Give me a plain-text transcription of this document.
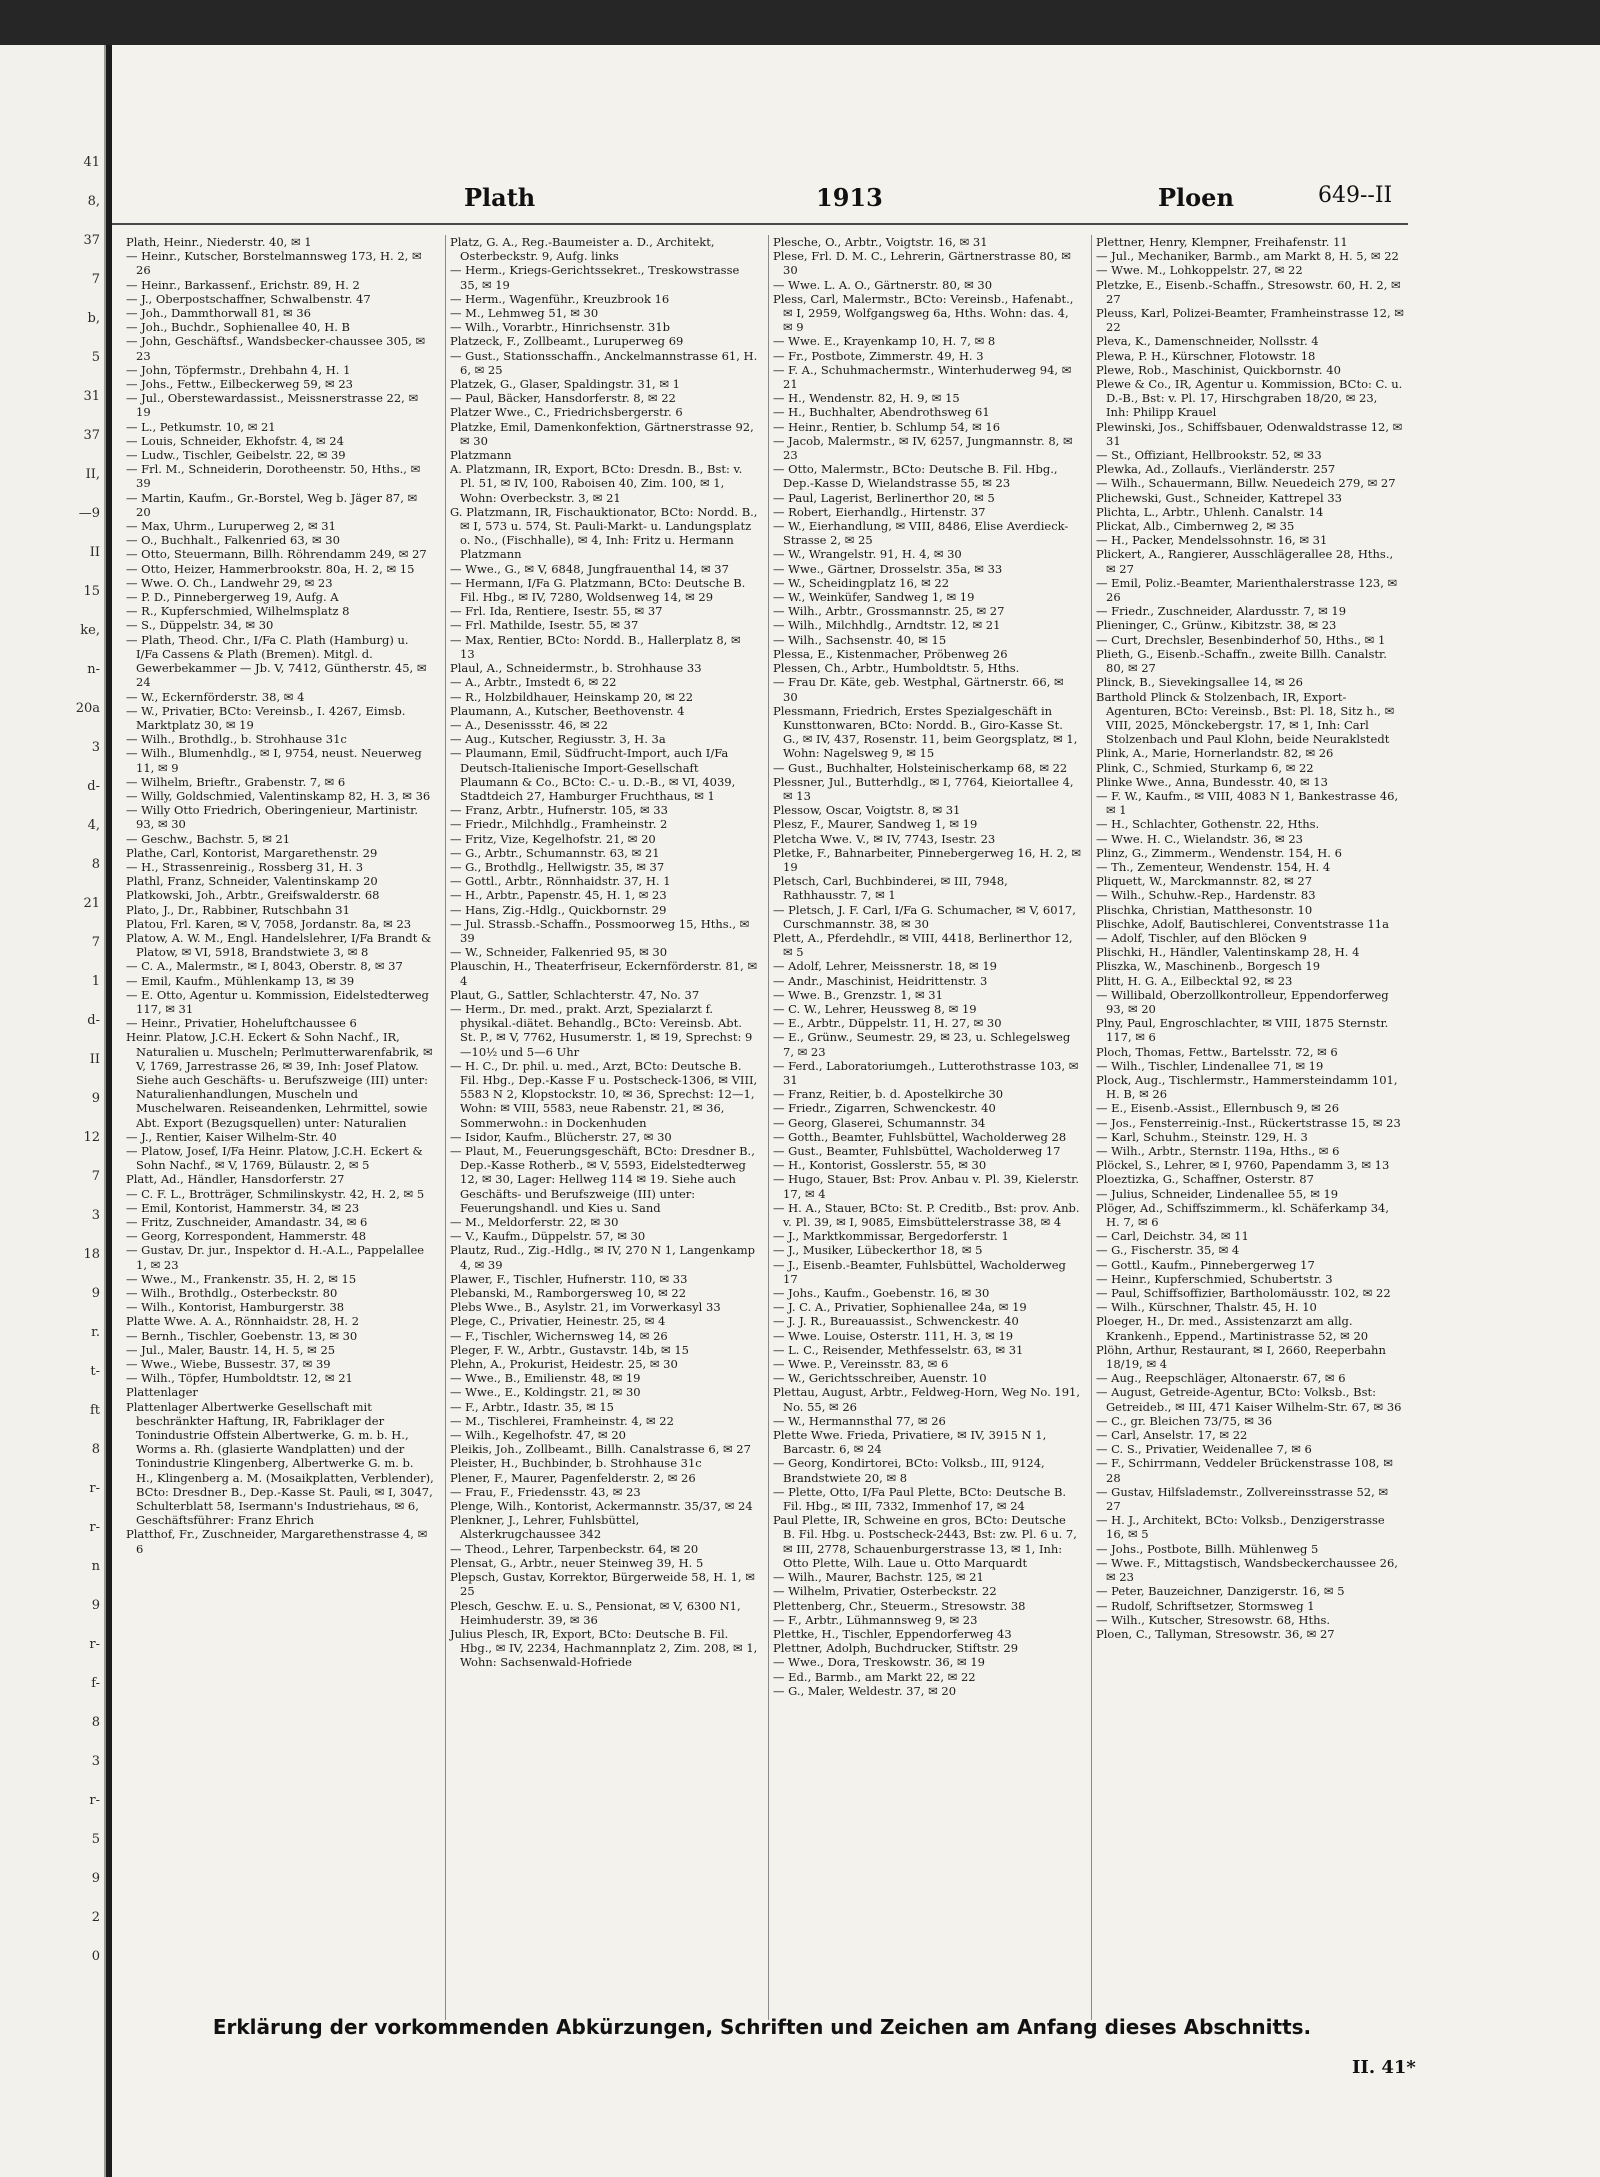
41
8,
37
7
b,
5
31
37
II,
—9
II
15
ke,
n-
20a
3
d-
4,
8
21
7
1
d-
II
9
12
7
3
18
9
r.
t-
ft
8
r-
r-
n
9
r-
f-
8
3
r-
5
9
2
0
Plath	1913	Ploen	649--II

Plath, Heinr., Niederstr. 40, ✉ 1

— Heinr., Kutscher, Borstelmannsweg 173, H. 2, ✉ 26

— Heinr., Barkassenf., Erichstr. 89, H. 2

— J., Oberpostschaffner, Schwalbenstr. 47

— Joh., Dammthorwall 81, ✉ 36

— Joh., Buchdr., Sophienallee 40, H. B

— John, Geschäftsf., Wandsbecker-chaussee 305, ✉ 23

— John, Töpfermstr., Drehbahn 4, H. 1

— Johs., Fettw., Eilbeckerweg 59, ✉ 23

— Jul., Oberstewardassist., Meissnerstrasse 22, ✉ 19

— L., Petkumstr. 10, ✉ 21

— Louis, Schneider, Ekhofstr. 4, ✉ 24

— Ludw., Tischler, Geibelstr. 22, ✉ 39

— Frl. M., Schneiderin, Dorotheenstr. 50, Hths., ✉ 39

— Martin, Kaufm., Gr.-Borstel, Weg b. Jäger 87, ✉ 20

— Max, Uhrm., Luruperweg 2, ✉ 31

— O., Buchhalt., Falkenried 63, ✉ 30

— Otto, Steuermann, Billh. Röhrendamm 249, ✉ 27

— Otto, Heizer, Hammerbrookstr. 80a, H. 2, ✉ 15

— Wwe. O. Ch., Landwehr 29, ✉ 23

— P. D., Pinnebergerweg 19, Aufg. A

— R., Kupferschmied, Wilhelmsplatz 8

— S., Düppelstr. 34, ✉ 30

— Plath, Theod. Chr., I/Fa C. Plath (Hamburg) u. I/Fa Cassens & Plath (Bremen). Mitgl. d. Gewerbekammer — Jb. V, 7412, Güntherstr. 45, ✉ 24

— W., Eckernförderstr. 38, ✉ 4

— W., Privatier, BCto: Vereinsb., I. 4267, Eimsb. Marktplatz 30, ✉ 19

— Wilh., Brothdlg., b. Strohhause 31c

— Wilh., Blumenhdlg., ✉ I, 9754, neust. Neuerweg 11, ✉ 9

— Wilhelm, Brieftr., Grabenstr. 7, ✉ 6

— Willy, Goldschmied, Valentinskamp 82, H. 3, ✉ 36

— Willy Otto Friedrich, Oberingenieur, Martinistr. 93, ✉ 30

— Geschw., Bachstr. 5, ✉ 21

Plathe, Carl, Kontorist, Margarethenstr. 29

— H., Strassenreinig., Rossberg 31, H. 3

Plathl, Franz, Schneider, Valentinskamp 20

Platkowski, Joh., Arbtr., Greifswalderstr. 68

Plato, J., Dr., Rabbiner, Rutschbahn 31

Platou, Frl. Karen, ✉ V, 7058, Jordanstr. 8a, ✉ 23

Platow, A. W. M., Engl. Handelslehrer, I/Fa Brandt & Platow, ✉ VI, 5918, Brandstwiete 3, ✉ 8

— C. A., Malermstr., ✉ I, 8043, Oberstr. 8, ✉ 37

— Emil, Kaufm., Mühlenkamp 13, ✉ 39

— E. Otto, Agentur u. Kommission, Eidelstedterweg 117, ✉ 31

— Heinr., Privatier, Hoheluftchaussee 6

Heinr. Platow, J.C.H. Eckert & Sohn Nachf., IR, Naturalien u. Muscheln; Perlmutterwarenfabrik, ✉ V, 1769, Jarrestrasse 26, ✉ 39, Inh: Josef Platow. Siehe auch Geschäfts- u. Berufszweige (III) unter: Naturalienhandlungen, Muscheln und Muschelwaren. Reiseandenken, Lehrmittel, sowie Abt. Export (Bezugsquellen) unter: Naturalien

— J., Rentier, Kaiser Wilhelm-Str. 40

— Platow, Josef, I/Fa Heinr. Platow, J.C.H. Eckert & Sohn Nachf., ✉ V, 1769, Bülaustr. 2, ✉ 5

Platt, Ad., Händler, Hansdorferstr. 27

— C. F. L., Brotträger, Schmilinskystr. 42, H. 2, ✉ 5

— Emil, Kontorist, Hammerstr. 34, ✉ 23

— Fritz, Zuschneider, Amandastr. 34, ✉ 6

— Georg, Korrespondent, Hammerstr. 48

— Gustav, Dr. jur., Inspektor d. H.-A.L., Pappelallee 1, ✉ 23

— Wwe., M., Frankenstr. 35, H. 2, ✉ 15

— Wilh., Brothdlg., Osterbeckstr. 80

— Wilh., Kontorist, Hamburgerstr. 38

Platte Wwe. A. A., Rönnhaidstr. 28, H. 2

— Bernh., Tischler, Goebenstr. 13, ✉ 30

— Jul., Maler, Baustr. 14, H. 5, ✉ 25

— Wwe., Wiebe, Bussestr. 37, ✉ 39

— Wilh., Töpfer, Humboldtstr. 12, ✉ 21

Plattenlager

Plattenlager Albertwerke Gesellschaft mit beschränkter Haftung, IR, Fabriklager der Tonindustrie Offstein Albertwerke, G. m. b. H., Worms a. Rh. (glasierte Wandplatten) und der Tonindustrie Klingenberg, Albertwerke G. m. b. H., Klingenberg a. M. (Mosaikplatten, Verblender), BCto: Dresdner B., Dep.-Kasse St. Pauli, ✉ I, 3047, Schulterblatt 58, Isermann's Industriehaus, ✉ 6, Geschäftsführer: Franz Ehrich

Platthof, Fr., Zuschneider, Margarethenstrasse 4, ✉ 6

Platz, G. A., Reg.-Baumeister a. D., Architekt, Osterbeckstr. 9, Aufg. links

— Herm., Kriegs-Gerichtssekret., Treskowstrasse 35, ✉ 19

— Herm., Wagenführ., Kreuzbrook 16

— M., Lehmweg 51, ✉ 30

— Wilh., Vorarbtr., Hinrichsenstr. 31b

Platzeck, F., Zollbeamt., Luruperweg 69

— Gust., Stationsschaffn., Anckelmannstrasse 61, H. 6, ✉ 25

Platzek, G., Glaser, Spaldingstr. 31, ✉ 1

— Paul, Bäcker, Hansdorferstr. 8, ✉ 22

Platzer Wwe., C., Friedrichsbergerstr. 6

Platzke, Emil, Damenkonfektion, Gärtnerstrasse 92, ✉ 30

Platzmann

A. Platzmann, IR, Export, BCto: Dresdn. B., Bst: v. Pl. 51, ✉ IV, 100, Raboisen 40, Zim. 100, ✉ 1, Wohn: Overbeckstr. 3, ✉ 21

G. Platzmann, IR, Fischauktionator, BCto: Nordd. B., ✉ I, 573 u. 574, St. Pauli-Markt- u. Landungsplatz o. No., (Fischhalle), ✉ 4, Inh: Fritz u. Hermann Platzmann

— Wwe., G., ✉ V, 6848, Jungfrauenthal 14, ✉ 37

— Hermann, I/Fa G. Platzmann, BCto: Deutsche B. Fil. Hbg., ✉ IV, 7280, Woldsenweg 14, ✉ 29

— Frl. Ida, Rentiere, Isestr. 55, ✉ 37

— Frl. Mathilde, Isestr. 55, ✉ 37

— Max, Rentier, BCto: Nordd. B., Hallerplatz 8, ✉ 13

Plaul, A., Schneidermstr., b. Strohhause 33

— A., Arbtr., Imstedt 6, ✉ 22

— R., Holzbildhauer, Heinskamp 20, ✉ 22

Plaumann, A., Kutscher, Beethovenstr. 4

— A., Desenissstr. 46, ✉ 22

— Aug., Kutscher, Regiusstr. 3, H. 3a

— Plaumann, Emil, Südfrucht-Import, auch I/Fa Deutsch-Italienische Import-Gesellschaft Plaumann & Co., BCto: C.- u. D.-B., ✉ VI, 4039, Stadtdeich 27, Hamburger Fruchthaus, ✉ 1

— Franz, Arbtr., Hufnerstr. 105, ✉ 33

— Friedr., Milchhdlg., Framheinstr. 2

— Fritz, Vize, Kegelhofstr. 21, ✉ 20

— G., Arbtr., Schumannstr. 63, ✉ 21

— G., Brothdlg., Hellwigstr. 35, ✉ 37

— Gottl., Arbtr., Rönnhaidstr. 37, H. 1

— H., Arbtr., Papenstr. 45, H. 1, ✉ 23

— Hans, Zig.-Hdlg., Quickbornstr. 29

— Jul. Strassb.-Schaffn., Possmoorweg 15, Hths., ✉ 39

— W., Schneider, Falkenried 95, ✉ 30

Plauschin, H., Theaterfriseur, Eckernförderstr. 81, ✉ 4

Plaut, G., Sattler, Schlachterstr. 47, No. 37

— Herm., Dr. med., prakt. Arzt, Spezialarzt f. physikal.-diätet. Behandlg., BCto: Vereinsb. Abt. St. P., ✉ V, 7762, Husumerstr. 1, ✉ 19, Sprechst: 9—10½ und 5—6 Uhr

— H. C., Dr. phil. u. med., Arzt, BCto: Deutsche B. Fil. Hbg., Dep.-Kasse F u. Postscheck-1306, ✉ VIII, 5583 N 2, Klopstockstr. 10, ✉ 36, Sprechst: 12—1, Wohn: ✉ VIII, 5583, neue Rabenstr. 21, ✉ 36, Sommerwohn.: in Dockenhuden

— Isidor, Kaufm., Blücherstr. 27, ✉ 30

— Plaut, M., Feuerungsgeschäft, BCto: Dresdner B., Dep.-Kasse Rotherb., ✉ V, 5593, Eidelstedterweg 12, ✉ 30, Lager: Hellweg 114 ✉ 19. Siehe auch Geschäfts- und Berufszweige (III) unter: Feuerungshandl. und Kies u. Sand

— M., Meldorferstr. 22, ✉ 30

— V., Kaufm., Düppelstr. 57, ✉ 30

Plautz, Rud., Zig.-Hdlg., ✉ IV, 270 N 1, Langenkamp 4, ✉ 39

Plawer, F., Tischler, Hufnerstr. 110, ✉ 33

Plebanski, M., Ramborgersweg 10, ✉ 22

Plebs Wwe., B., Asylstr. 21, im Vorwerkasyl 33

Plege, C., Privatier, Heinestr. 25, ✉ 4

— F., Tischler, Wichernsweg 14, ✉ 26

Pleger, F. W., Arbtr., Gustavstr. 14b, ✉ 15

Plehn, A., Prokurist, Heidestr. 25, ✉ 30

— Wwe., B., Emilienstr. 48, ✉ 19

— Wwe., E., Koldingstr. 21, ✉ 30

— F., Arbtr., Idastr. 35, ✉ 15

— M., Tischlerei, Framheinstr. 4, ✉ 22

— Wilh., Kegelhofstr. 47, ✉ 20

Pleikis, Joh., Zollbeamt., Billh. Canalstrasse 6, ✉ 27

Pleister, H., Buchbinder, b. Strohhause 31c

Plener, F., Maurer, Pagenfelderstr. 2, ✉ 26

— Frau, F., Friedensstr. 43, ✉ 23

Plenge, Wilh., Kontorist, Ackermannstr. 35/37, ✉ 24

Plenkner, J., Lehrer, Fuhlsbüttel, Alsterkrugchaussee 342

— Theod., Lehrer, Tarpenbeckstr. 64, ✉ 20

Plensat, G., Arbtr., neuer Steinweg 39, H. 5

Plepsch, Gustav, Korrektor, Bürgerweide 58, H. 1, ✉ 25

Plesch, Geschw. E. u. S., Pensionat, ✉ V, 6300 N1, Heimhuderstr. 39, ✉ 36

Julius Plesch, IR, Export, BCto: Deutsche B. Fil. Hbg., ✉ IV, 2234, Hachmannplatz 2, Zim. 208, ✉ 1, Wohn: Sachsenwald-Hofriede

Plesche, O., Arbtr., Voigtstr. 16, ✉ 31

Plese, Frl. D. M. C., Lehrerin, Gärtnerstrasse 80, ✉ 30

— Wwe. L. A. O., Gärtnerstr. 80, ✉ 30

Pless, Carl, Malermstr., BCto: Vereinsb., Hafenabt., ✉ I, 2959, Wolfgangsweg 6a, Hths. Wohn: das. 4, ✉ 9

— Wwe. E., Krayenkamp 10, H. 7, ✉ 8

— Fr., Postbote, Zimmerstr. 49, H. 3

— F. A., Schuhmachermstr., Winterhuderweg 94, ✉ 21

— H., Wendenstr. 82, H. 9, ✉ 15

— H., Buchhalter, Abendrothsweg 61

— Heinr., Rentier, b. Schlump 54, ✉ 16

— Jacob, Malermstr., ✉ IV, 6257, Jungmannstr. 8, ✉ 23

— Otto, Malermstr., BCto: Deutsche B. Fil. Hbg., Dep.-Kasse D, Wielandstrasse 55, ✉ 23

— Paul, Lagerist, Berlinerthor 20, ✉ 5

— Robert, Eierhandlg., Hirtenstr. 37

— W., Eierhandlung, ✉ VIII, 8486, Elise Averdieck-Strasse 2, ✉ 25

— W., Wrangelstr. 91, H. 4, ✉ 30

— Wwe., Gärtner, Drosselstr. 35a, ✉ 33

— W., Scheidingplatz 16, ✉ 22

— W., Weinküfer, Sandweg 1, ✉ 19

— Wilh., Arbtr., Grossmannstr. 25, ✉ 27

— Wilh., Milchhdlg., Arndtstr. 12, ✉ 21

— Wilh., Sachsenstr. 40, ✉ 15

Plessa, E., Kistenmacher, Pröbenweg 26

Plessen, Ch., Arbtr., Humboldtstr. 5, Hths.

— Frau Dr. Käte, geb. Westphal, Gärtnerstr. 66, ✉ 30

Plessmann, Friedrich, Erstes Spezialgeschäft in Kunsttonwaren, BCto: Nordd. B., Giro-Kasse St. G., ✉ IV, 437, Rosenstr. 11, beim Georgsplatz, ✉ 1, Wohn: Nagelsweg 9, ✉ 15

— Gust., Buchhalter, Holsteinischerkamp 68, ✉ 22

Plessner, Jul., Butterhdlg., ✉ I, 7764, Kieiortallee 4, ✉ 13

Plessow, Oscar, Voigtstr. 8, ✉ 31

Plesz, F., Maurer, Sandweg 1, ✉ 19

Pletcha Wwe. V., ✉ IV, 7743, Isestr. 23

Pletke, F., Bahnarbeiter, Pinnebergerweg 16, H. 2, ✉ 19

Pletsch, Carl, Buchbinderei, ✉ III, 7948, Rathhausstr. 7, ✉ 1

— Pletsch, J. F. Carl, I/Fa G. Schumacher, ✉ V, 6017, Curschmannstr. 38, ✉ 30

Plett, A., Pferdehdlr., ✉ VIII, 4418, Berlinerthor 12, ✉ 5

— Adolf, Lehrer, Meissnerstr. 18, ✉ 19

— Andr., Maschinist, Heidrittenstr. 3

— Wwe. B., Grenzstr. 1, ✉ 31

— C. W., Lehrer, Heussweg 8, ✉ 19

— E., Arbtr., Düppelstr. 11, H. 27, ✉ 30

— E., Grünw., Seumestr. 29, ✉ 23, u. Schlegelsweg 7, ✉ 23

— Ferd., Laboratoriumgeh., Lutterothstrasse 103, ✉ 31

— Franz, Reitier, b. d. Apostelkirche 30

— Friedr., Zigarren, Schwenckestr. 40

— Georg, Glaserei, Schumannstr. 34

— Gotth., Beamter, Fuhlsbüttel, Wacholderweg 28

— Gust., Beamter, Fuhlsbüttel, Wacholderweg 17

— H., Kontorist, Gosslerstr. 55, ✉ 30

— Hugo, Stauer, Bst: Prov. Anbau v. Pl. 39, Kielerstr. 17, ✉ 4

— H. A., Stauer, BCto: St. P. Creditb., Bst: prov. Anb. v. Pl. 39, ✉ I, 9085, Eimsbüttelerstrasse 38, ✉ 4

— J., Marktkommissar, Bergedorferstr. 1

— J., Musiker, Lübeckerthor 18, ✉ 5

— J., Eisenb.-Beamter, Fuhlsbüttel, Wacholderweg 17

— Johs., Kaufm., Goebenstr. 16, ✉ 30

— J. C. A., Privatier, Sophienallee 24a, ✉ 19

— J. J. R., Bureauassist., Schwenckestr. 40

— Wwe. Louise, Osterstr. 111, H. 3, ✉ 19

— L. C., Reisender, Methfesselstr. 63, ✉ 31

— Wwe. P., Vereinsstr. 83, ✉ 6

— W., Gerichtsschreiber, Auenstr. 10

Plettau, August, Arbtr., Feldweg-Horn, Weg No. 191, No. 55, ✉ 26

— W., Hermannsthal 77, ✉ 26

Plette Wwe. Frieda, Privatiere, ✉ IV, 3915 N 1, Barcastr. 6, ✉ 24

— Georg, Kondirtorei, BCto: Volksb., III, 9124, Brandstwiete 20, ✉ 8

— Plette, Otto, I/Fa Paul Plette, BCto: Deutsche B. Fil. Hbg., ✉ III, 7332, Immenhof 17, ✉ 24

Paul Plette, IR, Schweine en gros, BCto: Deutsche B. Fil. Hbg. u. Postscheck-2443, Bst: zw. Pl. 6 u. 7, ✉ III, 2778, Schauenburgerstrasse 13, ✉ 1, Inh: Otto Plette, Wilh. Laue u. Otto Marquardt

— Wilh., Maurer, Bachstr. 125, ✉ 21

— Wilhelm, Privatier, Osterbeckstr. 22

Plettenberg, Chr., Steuerm., Stresowstr. 38

— F., Arbtr., Lühmannsweg 9, ✉ 23

Plettke, H., Tischler, Eppendorferweg 43

Plettner, Adolph, Buchdrucker, Stiftstr. 29

— Wwe., Dora, Treskowstr. 36, ✉ 19

— Ed., Barmb., am Markt 22, ✉ 22

— G., Maler, Weldestr. 37, ✉ 20

Plettner, Henry, Klempner, Freihafenstr. 11

— Jul., Mechaniker, Barmb., am Markt 8, H. 5, ✉ 22

— Wwe. M., Lohkoppelstr. 27, ✉ 22

Pletzke, E., Eisenb.-Schaffn., Stresowstr. 60, H. 2, ✉ 27

Pleuss, Karl, Polizei-Beamter, Framheinstrasse 12, ✉ 22

Pleva, K., Damenschneider, Nollsstr. 4

Plewa, P. H., Kürschner, Flotowstr. 18

Plewe, Rob., Maschinist, Quickbornstr. 40

Plewe & Co., IR, Agentur u. Kommission, BCto: C. u. D.-B., Bst: v. Pl. 17, Hirschgraben 18/20, ✉ 23, Inh: Philipp Krauel

Plewinski, Jos., Schiffsbauer, Odenwaldstrasse 12, ✉ 31

— St., Offiziant, Hellbrookstr. 52, ✉ 33

Plewka, Ad., Zollaufs., Vierländerstr. 257

— Wilh., Schauermann, Billw. Neuedeich 279, ✉ 27

Plichewski, Gust., Schneider, Kattrepel 33

Plichta, L., Arbtr., Uhlenh. Canalstr. 14

Plickat, Alb., Cimbernweg 2, ✉ 35

— H., Packer, Mendelssohnstr. 16, ✉ 31

Plickert, A., Rangierer, Ausschlägerallee 28, Hths., ✉ 27

— Emil, Poliz.-Beamter, Marienthalerstrasse 123, ✉ 26

— Friedr., Zuschneider, Alardusstr. 7, ✉ 19

Plieninger, C., Grünw., Kibitzstr. 38, ✉ 23

— Curt, Drechsler, Besenbinderhof 50, Hths., ✉ 1

Plieth, G., Eisenb.-Schaffn., zweite Billh. Canalstr. 80, ✉ 27

Plinck, B., Sievekingsallee 14, ✉ 26

Barthold Plinck & Stolzenbach, IR, Export-Agenturen, BCto: Vereinsb., Bst: Pl. 18, Sitz h., ✉ VIII, 2025, Mönckebergstr. 17, ✉ 1, Inh: Carl Stolzenbach und Paul Klohn, beide Neuraklstedt

Plink, A., Marie, Hornerlandstr. 82, ✉ 26

Plink, C., Schmied, Sturkamp 6, ✉ 22

Plinke Wwe., Anna, Bundesstr. 40, ✉ 13

— F. W., Kaufm., ✉ VIII, 4083 N 1, Bankestrasse 46, ✉ 1

— H., Schlachter, Gothenstr. 22, Hths.

— Wwe. H. C., Wielandstr. 36, ✉ 23

Plinz, G., Zimmerm., Wendenstr. 154, H. 6

— Th., Zementeur, Wendenstr. 154, H. 4

Pliquett, W., Marckmannstr. 82, ✉ 27

— Wilh., Schuhw.-Rep., Hardenstr. 83

Plischka, Christian, Matthesonstr. 10

Plischke, Adolf, Bautischlerei, Conventstrasse 11a

— Adolf, Tischler, auf den Blöcken 9

Plischki, H., Händler, Valentinskamp 28, H. 4

Pliszka, W., Maschinenb., Borgesch 19

Plitt, H. G. A., Eilbecktal 92, ✉ 23

— Willibald, Oberzollkontrolleur, Eppendorferweg 93, ✉ 20

Plny, Paul, Engroschlachter, ✉ VIII, 1875 Sternstr. 117, ✉ 6

Ploch, Thomas, Fettw., Bartelsstr. 72, ✉ 6

— Wilh., Tischler, Lindenallee 71, ✉ 19

Plock, Aug., Tischlermstr., Hammersteindamm 101, H. B, ✉ 26

— E., Eisenb.-Assist., Ellernbusch 9, ✉ 26

— Jos., Fensterreinig.-Inst., Rückertstrasse 15, ✉ 23

— Karl, Schuhm., Steinstr. 129, H. 3

— Wilh., Arbtr., Sternstr. 119a, Hths., ✉ 6

Plöckel, S., Lehrer, ✉ I, 9760, Papendamm 3, ✉ 13

Ploeztizka, G., Schaffner, Osterstr. 87

— Julius, Schneider, Lindenallee 55, ✉ 19

Plöger, Ad., Schiffszimmerm., kl. Schäferkamp 34, H. 7, ✉ 6

— Carl, Deichstr. 34, ✉ 11

— G., Fischerstr. 35, ✉ 4

— Gottl., Kaufm., Pinnebergerweg 17

— Heinr., Kupferschmied, Schubertstr. 3

— Paul, Schiffsoffizier, Bartholomäusstr. 102, ✉ 22

— Wilh., Kürschner, Thalstr. 45, H. 10

Ploeger, H., Dr. med., Assistenzarzt am allg. Krankenh., Eppend., Martinistrasse 52, ✉ 20

Plöhn, Arthur, Restaurant, ✉ I, 2660, Reeperbahn 18/19, ✉ 4

— Aug., Reepschläger, Altonaerstr. 67, ✉ 6

— August, Getreide-Agentur, BCto: Volksb., Bst: Getreideb., ✉ III, 471 Kaiser Wilhelm-Str. 67, ✉ 36

— C., gr. Bleichen 73/75, ✉ 36

— Carl, Anselstr. 17, ✉ 22

— C. S., Privatier, Weidenallee 7, ✉ 6

— F., Schirrmann, Veddeler Brückenstrasse 108, ✉ 28

— Gustav, Hilfslademstr., Zollvereinsstrasse 52, ✉ 27

— H. J., Architekt, BCto: Volksb., Denzigerstrasse 16, ✉ 5

— Johs., Postbote, Billh. Mühlenweg 5

— Wwe. F., Mittagstisch, Wandsbeckerchaussee 26, ✉ 23

— Peter, Bauzeichner, Danzigerstr. 16, ✉ 5

— Rudolf, Schriftsetzer, Stormsweg 1

— Wilh., Kutscher, Stresowstr. 68, Hths.

Ploen, C., Tallyman, Stresowstr. 36, ✉ 27

Erklärung der vorkommenden Abkürzungen, Schriften und Zeichen am Anfang dieses Abschnitts.
II. 41*
